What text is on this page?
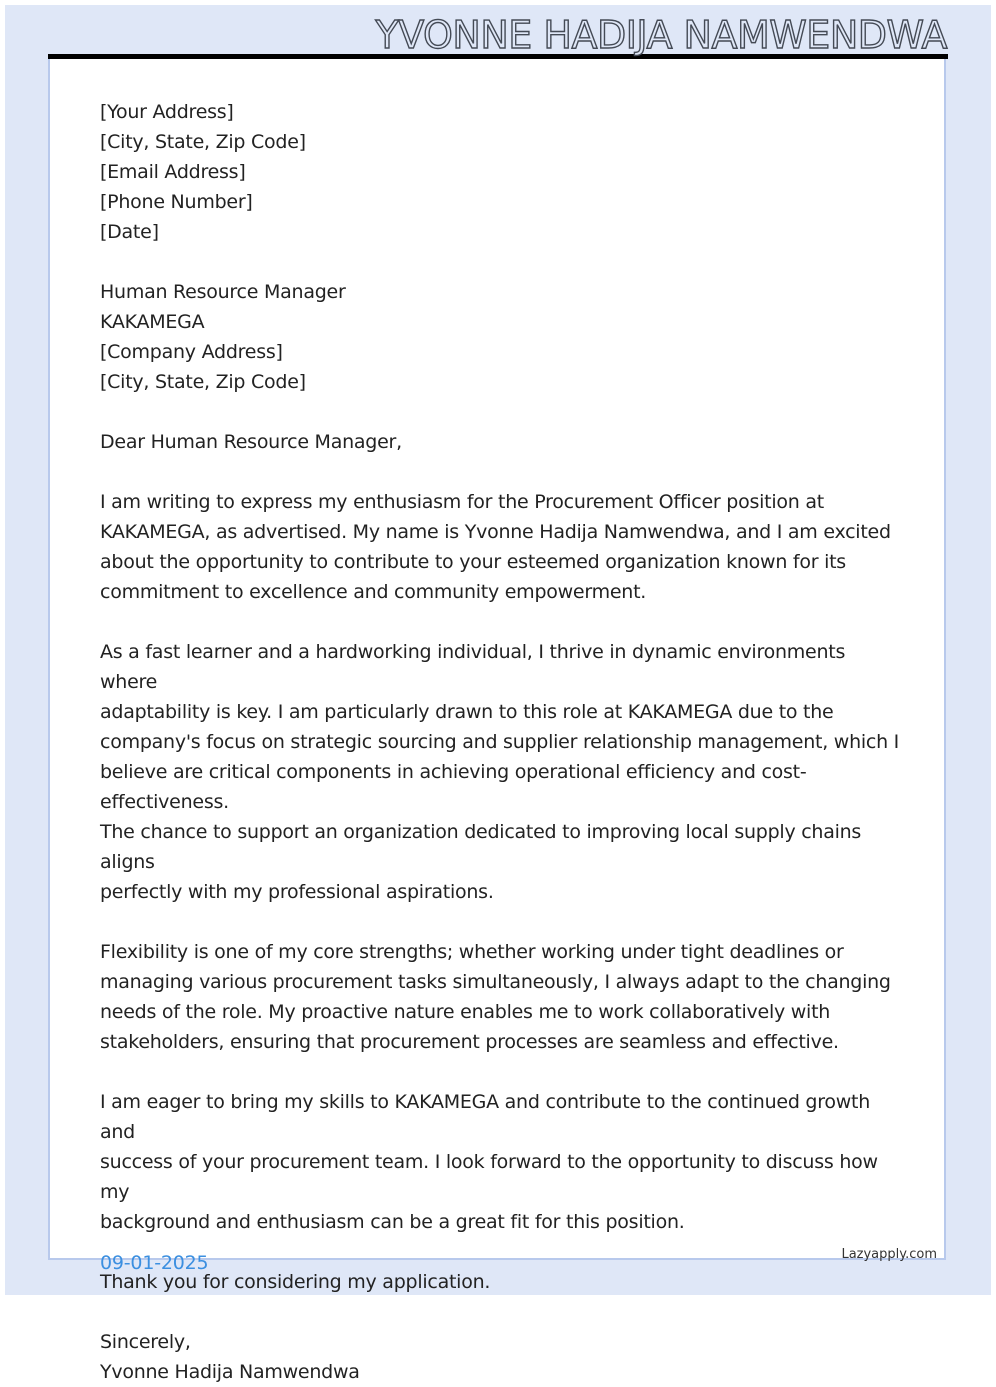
YVONNE HADIJA NAMWENDWA
[Your Address]
[City, State, Zip Code]
[Email Address]
[Phone Number]
[Date]
Human Resource Manager
KAKAMEGA
[Company Address]
[City, State, Zip Code]
Dear Human Resource Manager,

I am writing to express my enthusiasm for the Procurement Officer position at
KAKAMEGA, as advertised. My name is Yvonne Hadija Namwendwa, and I am excited
about the opportunity to contribute to your esteemed organization known for its
commitment to excellence and community empowerment.

As a fast learner and a hardworking individual, I thrive in dynamic environments where
adaptability is key. I am particularly drawn to this role at KAKAMEGA due to the
company's focus on strategic sourcing and supplier relationship management, which I
believe are critical components in achieving operational efficiency and cost-effectiveness.
The chance to support an organization dedicated to improving local supply chains aligns
perfectly with my professional aspirations.

Flexibility is one of my core strengths; whether working under tight deadlines or
managing various procurement tasks simultaneously, I always adapt to the changing
needs of the role. My proactive nature enables me to work collaboratively with
stakeholders, ensuring that procurement processes are seamless and effective.

I am eager to bring my skills to KAKAMEGA and contribute to the continued growth and
success of your procurement team. I look forward to the opportunity to discuss how my
background and enthusiasm can be a great fit for this position.

Thank you for considering my application.

Sincerely,
Yvonne Hadija Namwendwa
09-01-2025	Lazyapply.com
